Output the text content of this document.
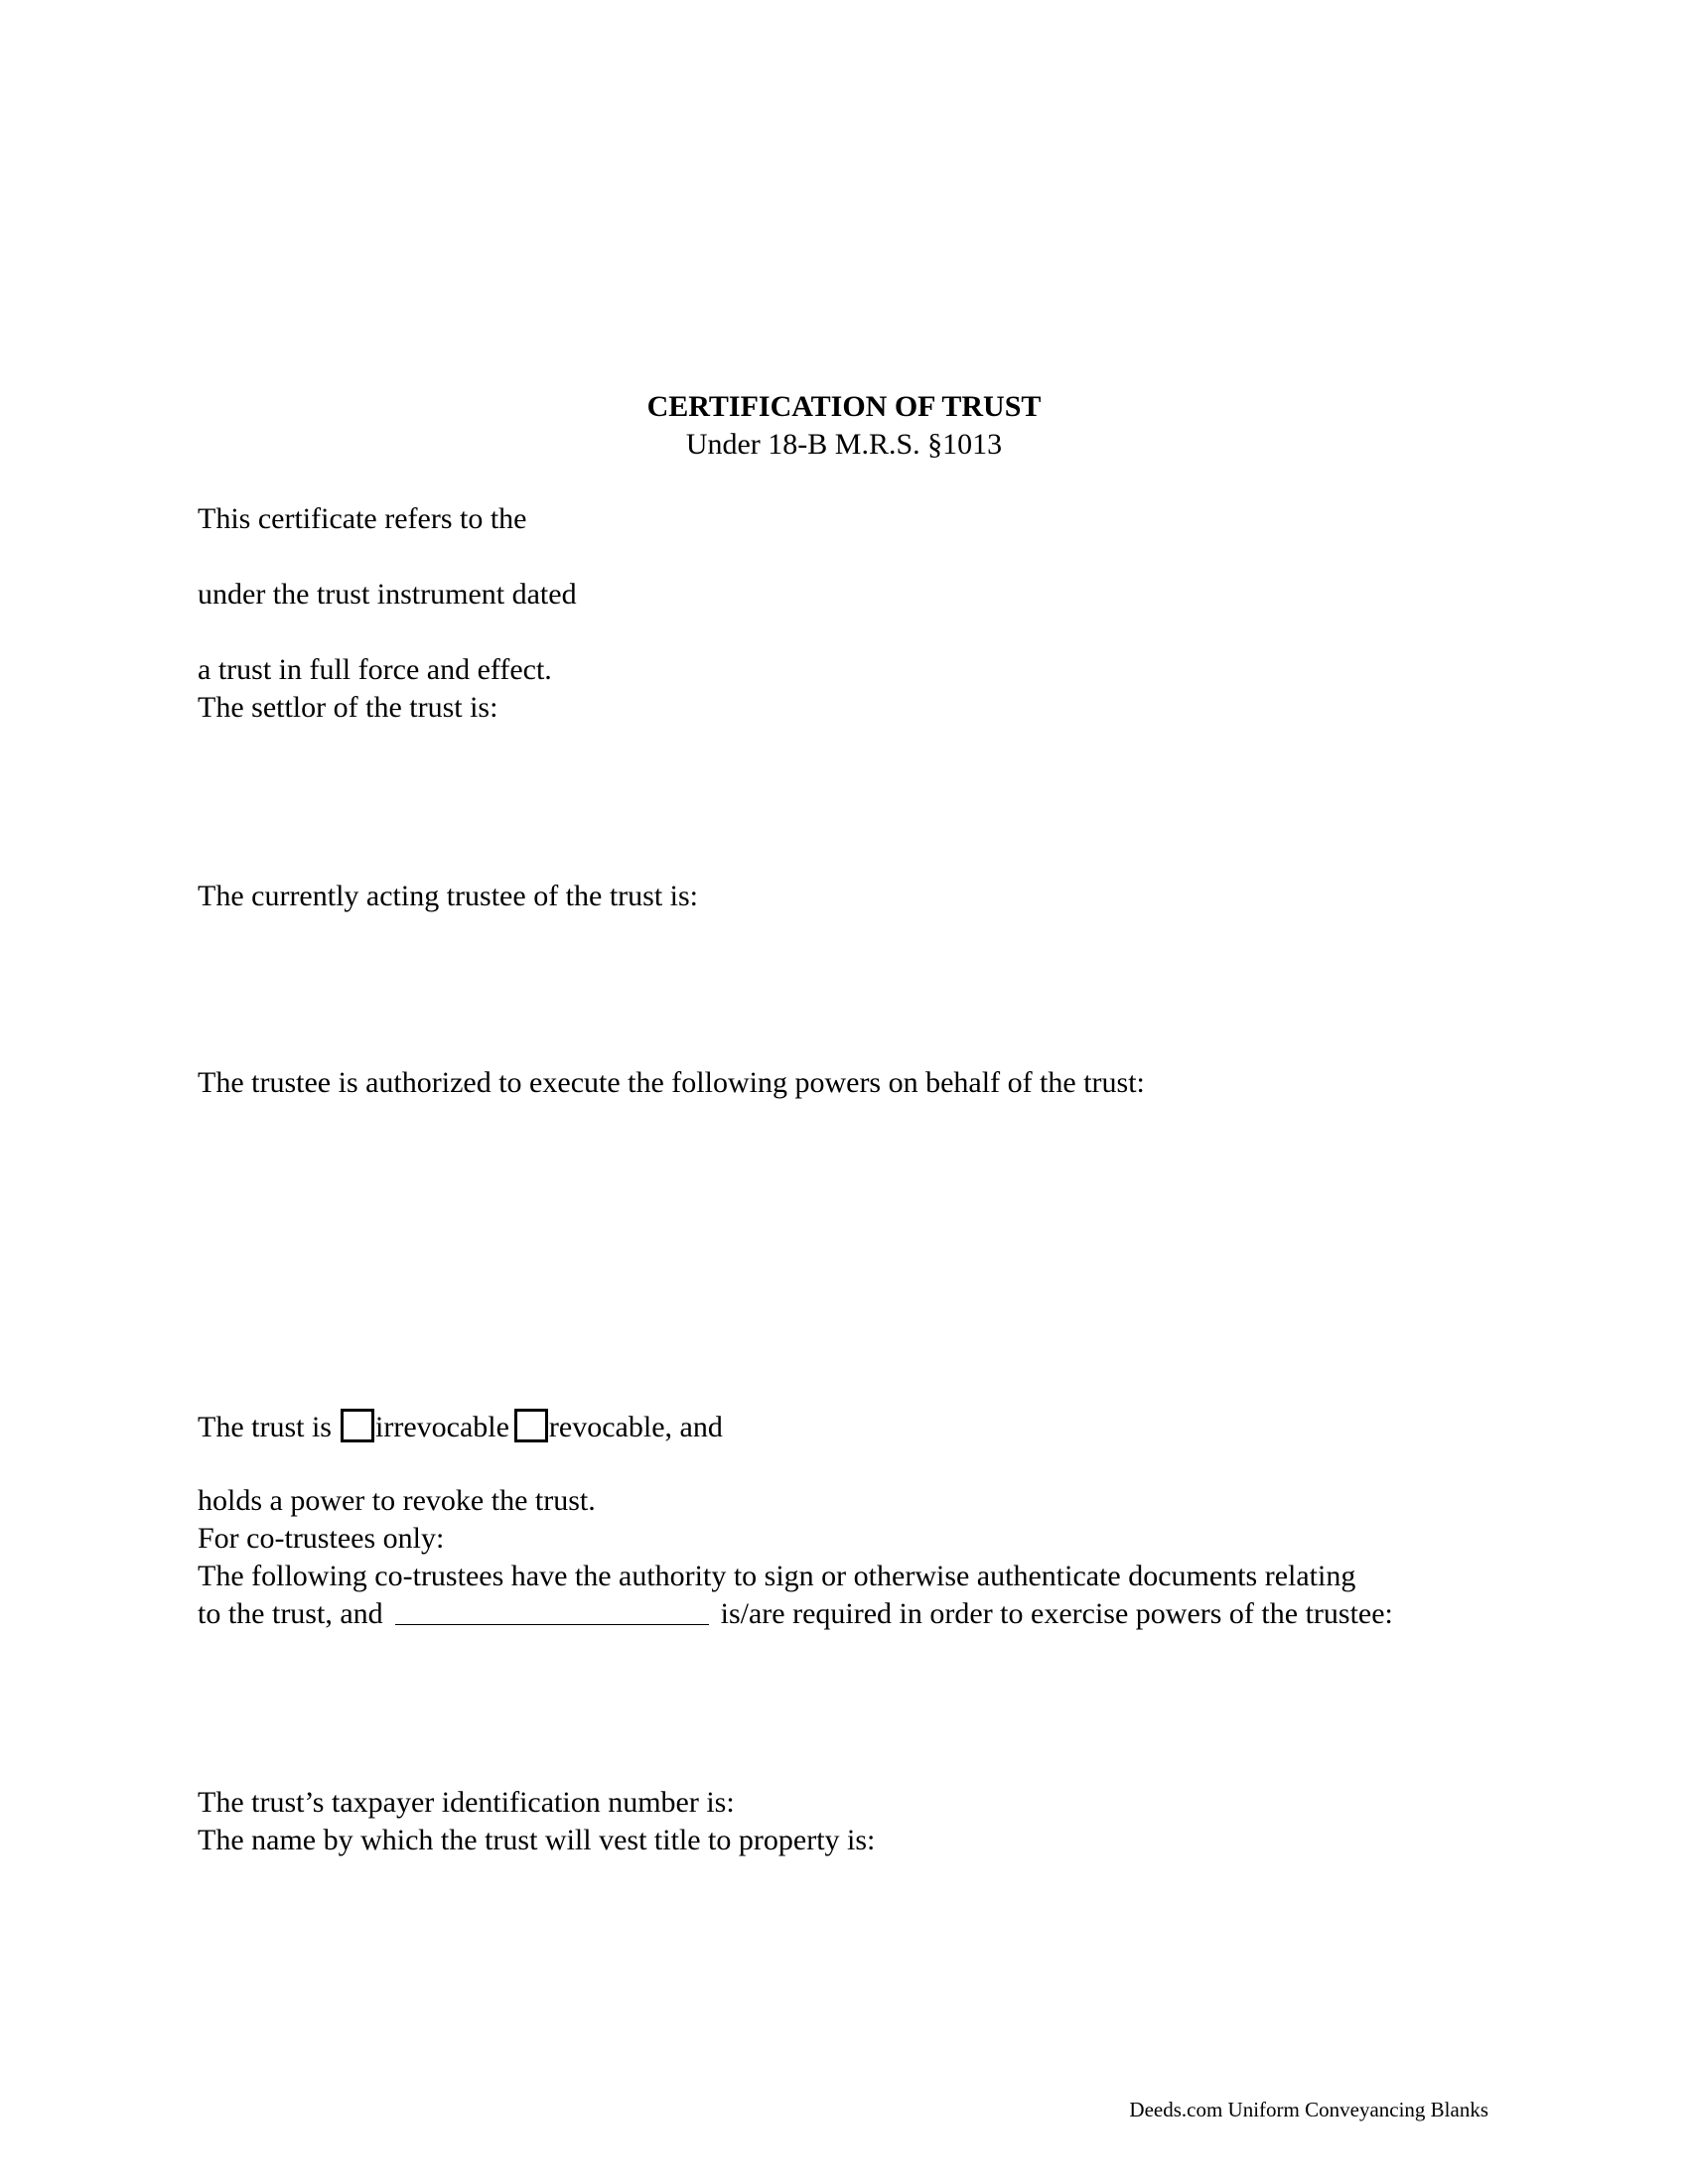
CERTIFICATION OF TRUST
Under 18-B M.R.S. §1013
This certificate refers to the
under the trust instrument dated
a trust in full force and effect.
The settlor of the trust is:
The currently acting trustee of the trust is:
The trustee is authorized to execute the following powers on behalf of the trust:
The trust is irrevocable revocable, and
holds a power to revoke the trust.
For co-trustees only:
The following co-trustees have the authority to sign or otherwise authenticate documents relating
to the trust, and	is/are required in order to exercise powers of the trustee:
The trust’s taxpayer identification number is:
The name by which the trust will vest title to property is:
Deeds.com Uniform Conveyancing Blanks
